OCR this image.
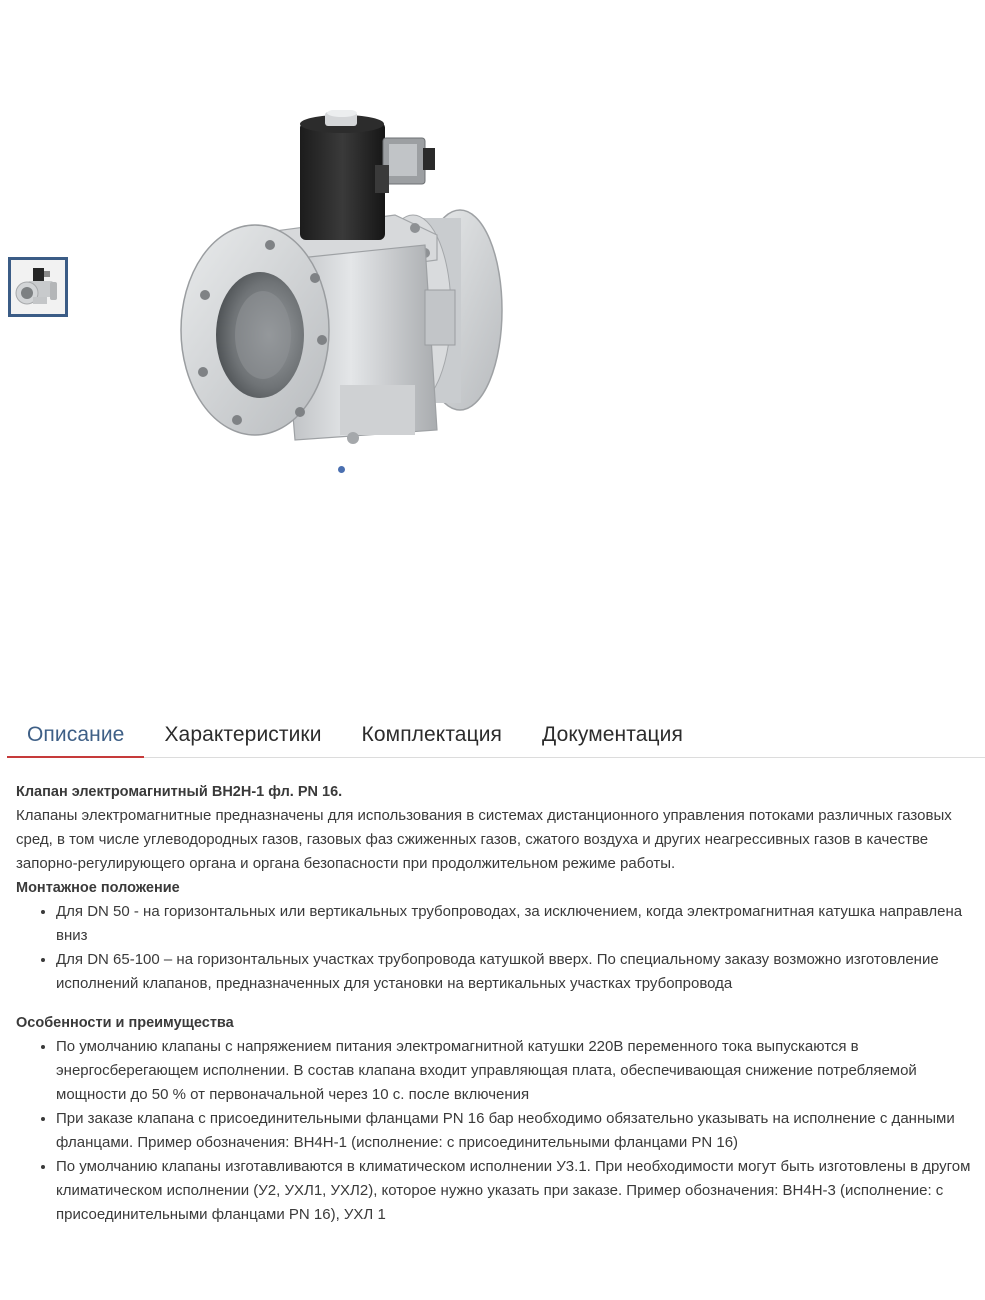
Описание	Характеристики	Комплектация	Документация

Клапан электромагнитный ВН2Н-1 фл. PN 16.

Клапаны электромагнитные предназначены для использования в системах дистанционного управления потоками различных газовых сред, в том числе углеводородных газов, газовых фаз сжиженных газов, сжатого воздуха и других неагрессивных газов в качестве запорно-регулирующего органа и органа безопасности при продолжительном режиме работы.

Монтажное положение

• Для DN 50 - на горизонтальных или вертикальных трубопроводах, за исключением, когда электромагнитная катушка направлена вниз
• Для DN 65-100 – на горизонтальных участках трубопровода катушкой вверх. По специальному заказу возможно изготовление исполнений клапанов, предназначенных для установки на вертикальных участках трубопровода

Особенности и преимущества

• По умолчанию клапаны с напряжением питания электромагнитной катушки 220В переменного тока выпускаются в энергосберегающем исполнении. В состав клапана входит управляющая плата, обеспечивающая снижение потребляемой мощности до 50 % от первоначальной через 10 с. после включения
• При заказе клапана с присоединительными фланцами PN 16 бар необходимо обязательно указывать на исполнение с данными фланцами. Пример обозначения: ВН4Н-1 (исполнение: с присоединительными фланцами PN 16)
• По умолчанию клапаны изготавливаются в климатическом исполнении У3.1. При необходимости могут быть изготовлены в другом климатическом исполнении (У2, УХЛ1, УХЛ2), которое нужно указать при заказе. Пример обозначения: ВН4Н-3 (исполнение: с присоединительными фланцами PN 16), УХЛ 1
